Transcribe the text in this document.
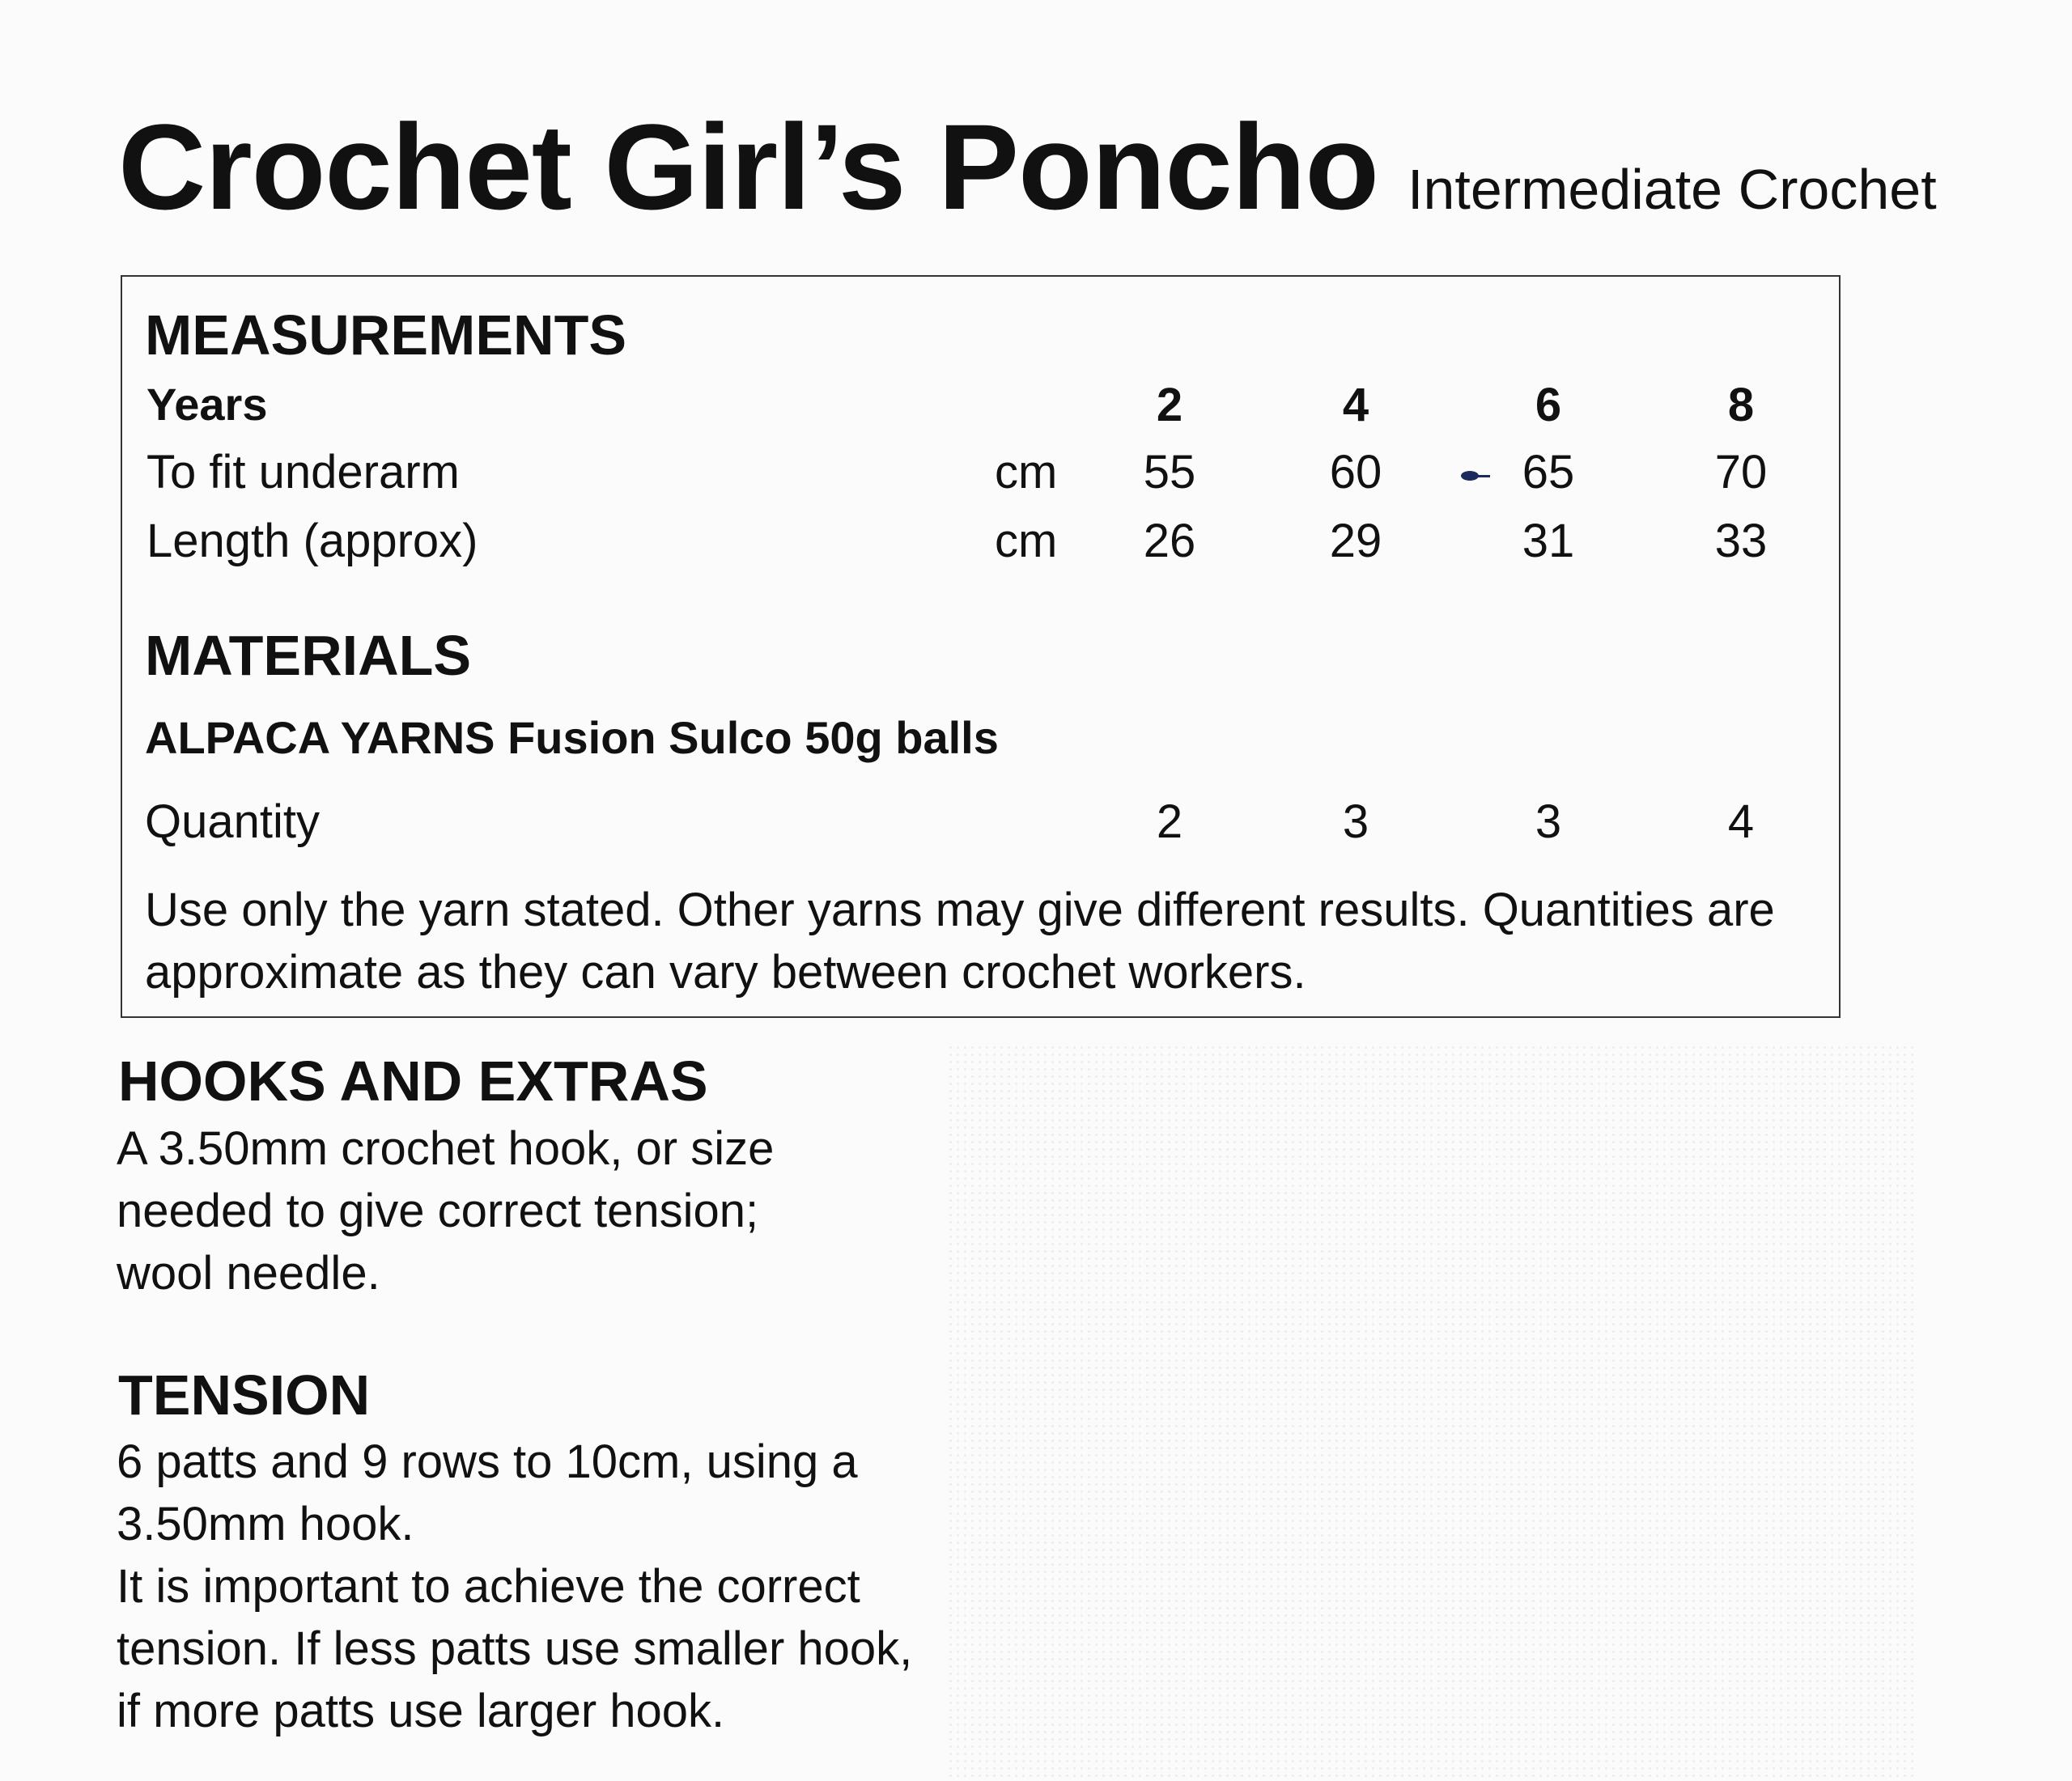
Crochet Girl’s Poncho Intermediate Crochet
MEASUREMENTS
Years	2	4	6	8
To fit underarm	cm	55	60	65	70
Length (approx)	cm	26	29	31	33
MATERIALS
ALPACA YARNS Fusion Sulco 50g balls
Quantity	2	3	3	4
Use only the yarn stated. Other yarns may give different results. Quantities are approximate as they can vary between crochet workers.
HOOKS AND EXTRAS
A 3.50mm crochet hook, or size
needed to give correct tension;
wool needle.
TENSION
6 patts and 9 rows to 10cm, using a
3.50mm hook.
It is important to achieve the correct
tension. If less patts use smaller hook,
if more patts use larger hook.
